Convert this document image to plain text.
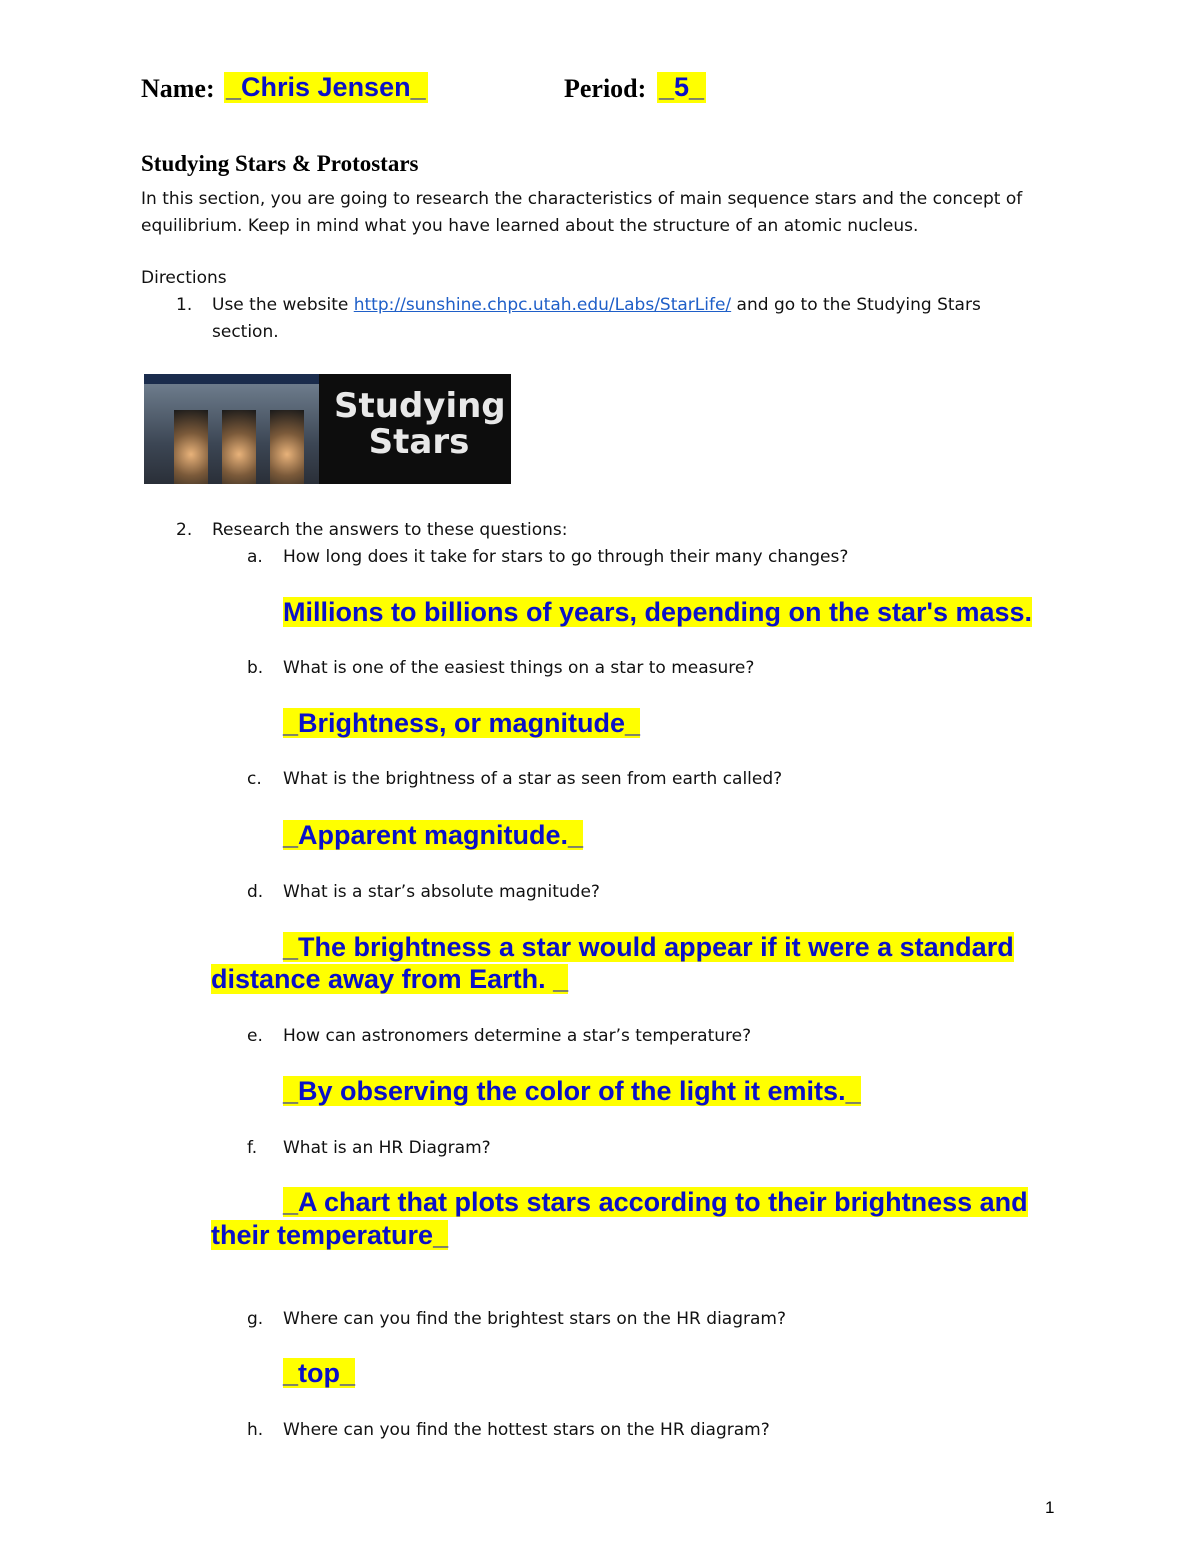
Name: _Chris Jensen_	Period: _5_
Studying Stars & Protostars
In this section, you are going to research the characteristics of main sequence stars and the concept of
equilibrium. Keep in mind what you have learned about the structure of an atomic nucleus.
Directions
1. Use the website http://sunshine.chpc.utah.edu/Labs/StarLife/ and go to the Studying Stars
section.
Studying Stars
2. Research the answers to these questions:
a. How long does it take for stars to go through their many changes?
Millions to billions of years, depending on the star's mass.
b. What is one of the easiest things on a star to measure?
_Brightness, or magnitude_
c. What is the brightness of a star as seen from earth called?
_Apparent magnitude._
d. What is a star’s absolute magnitude?
_The brightness a star would appear if it were a standard
distance away from Earth. _
e. How can astronomers determine a star’s temperature?
_By observing the color of the light it emits._
f. What is an HR Diagram?
_A chart that plots stars according to their brightness and
their temperature_
g. Where can you find the brightest stars on the HR diagram?
_top_
h. Where can you find the hottest stars on the HR diagram?
1
